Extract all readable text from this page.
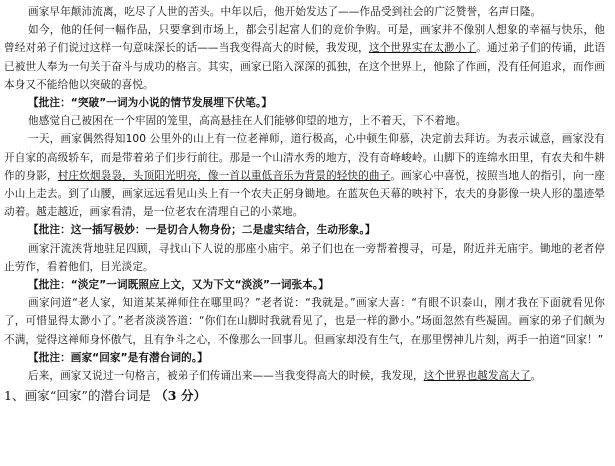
画家早年颠沛流离，吃尽了人世的苦头。中年以后，他开始发达了——作品受到社会的广泛赞誉，名声日隆。

如今，他的任何一幅作品，只要拿到市场上，都会引起富人们的竞价争购。可是，画家并不像别人想象的幸福与快乐，他曾经对弟子们说过这样一句意味深长的话——当我变得高大的时候，我发现，这个世界实在太渺小了。通过弟子们的传诵，此语已被世人奉为一句关于奋斗与成功的格言。其实，画家已陷入深深的孤独，在这个世界上，他除了作画，没有任何追求，而作画本身又不能给他以突破的喜悦。

【批注：“突破”一词为小说的情节发展埋下伏笔。】

他感觉自己被困在一个牢固的笼里，高高悬挂在人们能够仰望的地方，上不着天，下不着地。

一天，画家偶然得知100 公里外的山上有一位老禅师，道行极高，心中顿生仰慕，决定前去拜访。为表示诚意，画家没有开自家的高级轿车，而是带着弟子们步行前往。那是一个山清水秀的地方，没有奇峰峻岭。山脚下的连绵水田里，有农夫和牛耕作的身影，村庄炊烟袅袅，头顶阳光明亮，像一首以重低音乐为背景的轻快的曲子。画家心中喜悦，按照当地人的指引，向一座小山上走去。到了山腰，画家远远看见山头上有一个农夫正躬身锄地。在蓝灰色天幕的映衬下，农夫的身影像一块人形的墨迹晕动着。越走越近，画家看清，是一位老农在清理自己的小菜地。

【批注：这一插写极妙：一是切合人物身份；二是虚实结合，生动形象。】

画家汗流浃背地驻足四顾，寻找山下人说的那座小庙宇。弟子们也在一旁帮着搜寻，可是，附近并无庙宇。锄地的老者停止劳作，看着他们，目光淡定。

【批注：“淡定”一词既照应上文，又为下文“淡淡”一词张本。】

画家问道“老人家，知道某某禅师住在哪里吗？”老者说：“我就是。”画家大喜：“有眼不识泰山，刚才我在下面就看见你了，可惜显得太渺小了。”老者淡淡答道：“你们在山脚时我就看见了，也是一样的渺小。”场面忽然有些凝固。画家的弟子们颇为不满，觉得这禅师身怀傲气，且有争斗之心，不像那么一回事儿。但画家却没有生气，在那里愣神儿片刻，两手一拍道“回家！”

【批注：画家“回家”是有潜台词的。】

后来，画家又说过一句格言，被弟子们传诵出来——当我变得高大的时候，我发现，这个世界也越发高大了。

1、画家“回家”的潜台词是 （3 分）
